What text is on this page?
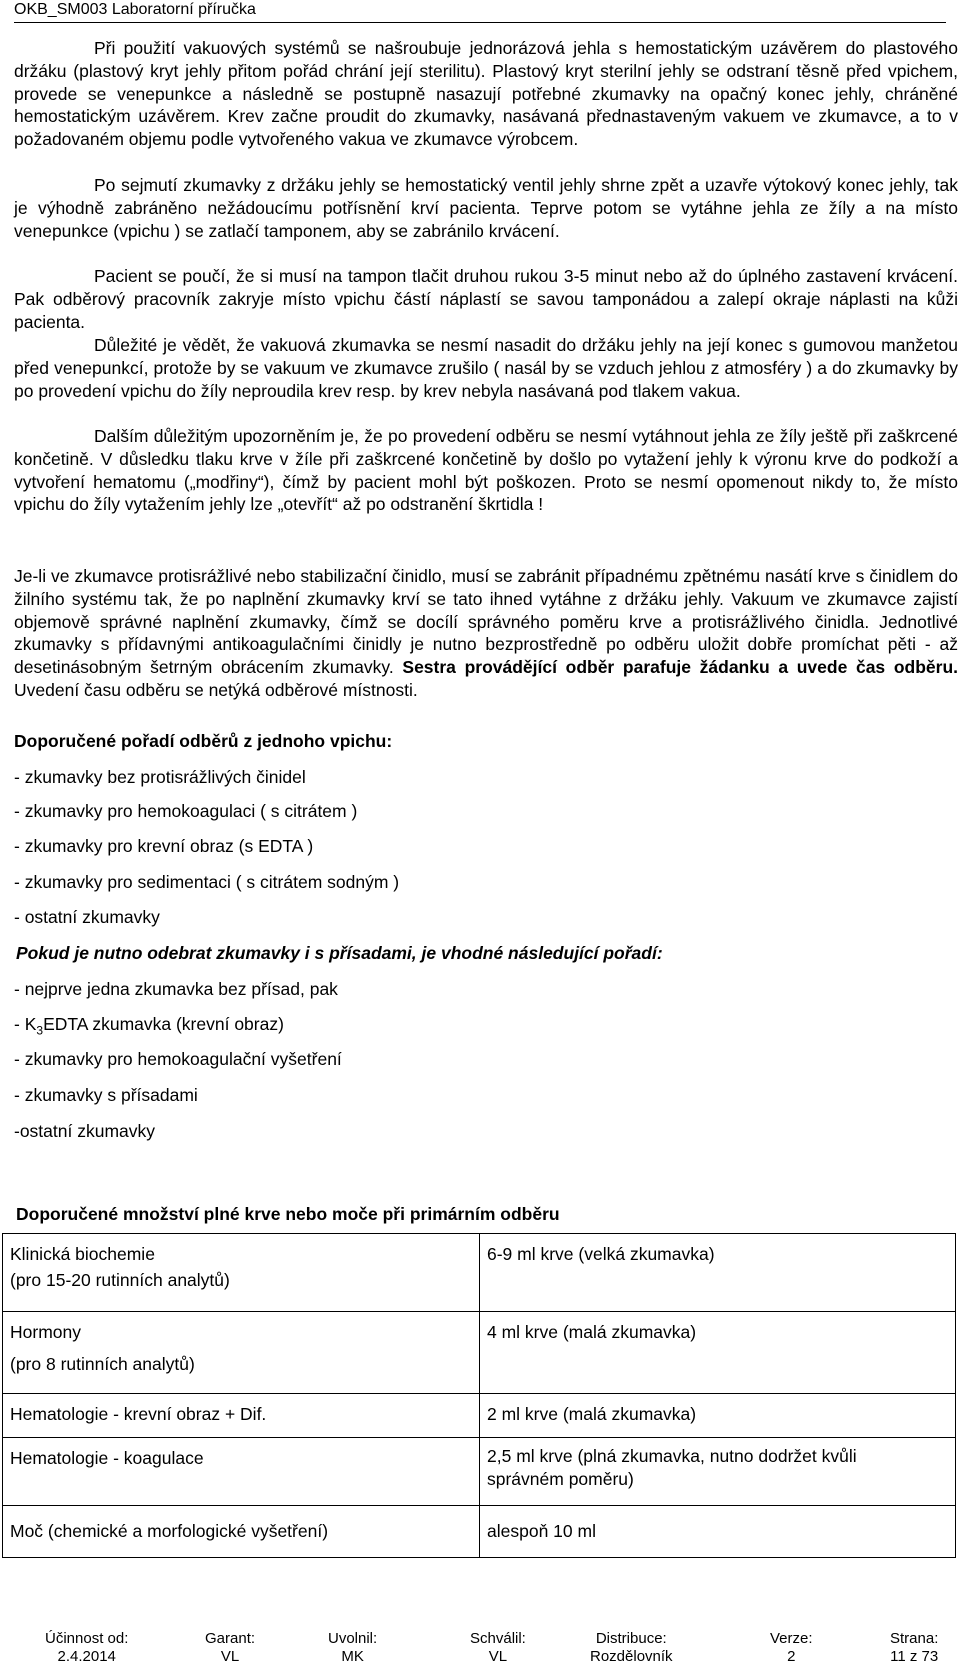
OKB_SM003 Laboratorní příručka

Při použití vakuových systémů se našroubuje jednorázová jehla s hemostatickým uzávěrem do plastového držáku (plastový kryt jehly přitom pořád chrání její sterilitu). Plastový kryt sterilní jehly se odstraní těsně před vpichem, provede se venepunkce a následně se postupně nasazují potřebné zkumavky na opačný konec jehly, chráněné hemostatickým uzávěrem. Krev začne proudit do zkumavky, nasávaná přednastaveným vakuem ve zkumavce, a to v požadovaném objemu podle vytvořeného vakua ve zkumavce výrobcem.

Po sejmutí zkumavky z držáku jehly se hemostatický ventil jehly shrne zpět a uzavře výtokový konec jehly, tak je výhodně zabráněno nežádoucímu potřísnění krví pacienta. Teprve potom se vytáhne jehla ze žíly a na místo venepunkce (vpichu ) se zatlačí tamponem, aby se zabránilo krvácení.

Pacient se poučí, že si musí na tampon tlačit druhou rukou 3-5 minut nebo až do úplného zastavení krvácení. Pak odběrový pracovník zakryje místo vpichu částí náplastí se savou tamponádou a zalepí okraje náplasti na kůži pacienta.

Důležité je vědět, že vakuová zkumavka se nesmí nasadit do držáku jehly na její konec s gumovou manžetou před venepunkcí, protože by se vakuum ve zkumavce zrušilo ( nasál by se vzduch jehlou z atmosféry ) a do zkumavky by po provedení vpichu do žíly neproudila krev resp. by krev nebyla nasávaná pod tlakem vakua.

Dalším důležitým upozorněním je, že po provedení odběru se nesmí vytáhnout jehla ze žíly ještě při zaškrcené končetině. V důsledku tlaku krve v žíle při zaškrcené končetině by došlo po vytažení jehly k výronu krve do podkoží a vytvoření hematomu („modřiny“), čímž by pacient mohl být poškozen. Proto se nesmí opomenout nikdy to, že místo vpichu do žíly vytažením jehly lze „otevřít“ až po odstranění škrtidla !

Je-li ve zkumavce protisrážlivé nebo stabilizační činidlo, musí se zabránit případnému zpětnému nasátí krve s činidlem do žilního systému tak, že po naplnění zkumavky krví se tato ihned vytáhne z držáku jehly. Vakuum ve zkumavce zajistí objemově správné naplnění zkumavky, čímž se docílí správného poměru krve a protisrážlivého činidla. Jednotlivé zkumavky s přídavnými antikoagulačními činidly je nutno bezprostředně po odběru uložit dobře promíchat pěti - až desetinásobným šetrným obrácením zkumavky. Sestra provádějící odběr parafuje žádanku a uvede čas odběru. Uvedení času odběru se netýká odběrové místnosti.

Doporučené pořadí odběrů z jednoho vpichu:
- zkumavky bez protisrážlivých činidel
- zkumavky pro hemokoagulaci ( s citrátem )
- zkumavky pro krevní obraz (s EDTA )
- zkumavky pro sedimentaci ( s citrátem sodným )
- ostatní zkumavky
Pokud je nutno odebrat zkumavky i s přísadami, je vhodné následující pořadí:
- nejprve jedna zkumavka bez přísad, pak
- $K_3EDTA$ zkumavka (krevní obraz)
- zkumavky pro hemokoagulační vyšetření
- zkumavky s přísadami
-ostatní zkumavky
Doporučené množství plné krve nebo moče při primárním odběru
Klinická biochemie
(pro 15-20 rutinních analytů)	6-9 ml krve (velká zkumavka)

Hormony
(pro 8 rutinních analytů)	4 ml krve (malá zkumavka)

Hematologie - krevní obraz + Dif.	2 ml krve (malá zkumavka)

Hematologie - koagulace	2,5 ml krve (plná zkumavka, nutno dodržet kvůli
správném poměru)

Moč (chemické a morfologické vyšetření)	alespoň 10 ml
Účinnost od:
2.4.2014
Garant:
VL
Uvolnil:
MK
Schválil:
VL
Distribuce:
Rozdělovník
Verze:
2
Strana:
11 z 73
